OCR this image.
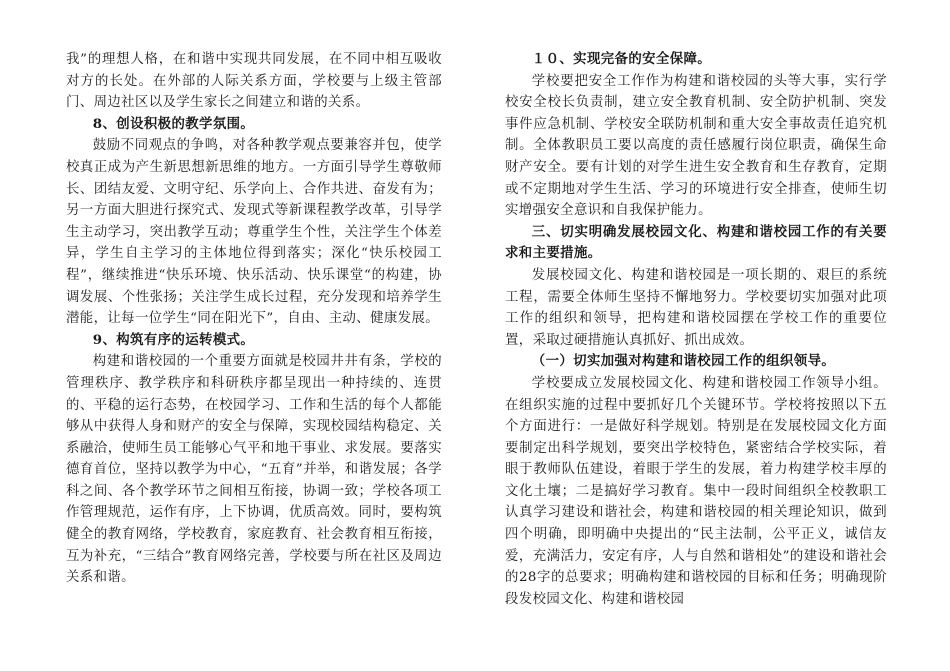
我”的理想人格，在和谐中实现共同发展，在不同中相互吸收对方的长处。在外部的人际关系方面，学校要与上级主管部门、周边社区以及学生家长之间建立和谐的关系。

8、创设积极的教学氛围。

鼓励不同观点的争鸣，对各种教学观点要兼容并包，使学校真正成为产生新思想新思维的地方。一方面引导学生尊敬师长、团结友爱、文明守纪、乐学向上、合作共进、奋发有为；另一方面大胆进行探究式、发现式等新课程教学改革，引导学生主动学习，突出教学互动；尊重学生个性，关注学生个体差异，学生自主学习的主体地位得到落实；深化“快乐校园工程”，继续推进“快乐环境、快乐活动、快乐课堂“的构建，协调发展、个性张扬；关注学生成长过程，充分发现和培养学生潜能，让每一位学生“同在阳光下”，自由、主动、健康发展。

9、构筑有序的运转模式。

构建和谐校园的一个重要方面就是校园井井有条，学校的管理秩序、教学秩序和科研秩序都呈现出一种持续的、连贯的、平稳的运行态势，在校园学习、工作和生活的每个人都能够从中获得人身和财产的安全与保障，实现校园结构稳定、关系融洽，使师生员工能够心气平和地干事业、求发展。要落实德育首位，坚持以教学为中心，“五育”并举，和谐发展；各学科之间、各个教学环节之间相互衔接，协调一致；学校各项工作管理规范，运作有序，上下协调，优质高效。同时，要构筑健全的教育网络，学校教育，家庭教育、社会教育相互衔接，互为补充，“三结合”教育网络完善，学校要与所在社区及周边关系和谐。

１０、实现完备的安全保障。

学校要把安全工作作为构建和谐校园的头等大事，实行学校安全校长负责制，建立安全教育机制、安全防护机制、突发事件应急机制、学校安全联防机制和重大安全事故责任追究机制。全体教职员工要以高度的责任感履行岗位职责，确保生命财产安全。要有计划的对学生进生安全教育和生存教育，定期或不定期地对学生生活、学习的环境进行安全排查，使师生切实增强安全意识和自我保护能力。

三、切实明确发展校园文化、构建和谐校园工作的有关要求和主要措施。

发展校园文化、构建和谐校园是一项长期的、艰巨的系统工程，需要全体师生坚持不懈地努力。学校要切实加强对此项工作的组织和领导，把构建和谐校园摆在学校工作的重要位置，采取过硬措施认真抓好、抓出成效。

（一）切实加强对构建和谐校园工作的组织领导。

学校要成立发展校园文化、构建和谐校园工作领导小组。在组织实施的过程中要抓好几个关键环节。学校将按照以下五个方面进行：一是做好科学规划。特别是在发展校园文化方面要制定出科学规划，要突出学校特色，紧密结合学校实际，着眼于教师队伍建设，着眼于学生的发展，着力构建学校丰厚的文化土壤；二是搞好学习教育。集中一段时间组织全校教职工认真学习建设和谐社会，构建和谐校园的相关理论知识，做到四个明确，即明确中央提出的“民主法制，公平正义，诚信友爱，充满活力，安定有序，人与自然和谐相处”的建设和谐社会的28字的总要求；明确构建和谐校园的目标和任务；明确现阶段发校园文化、构建和谐校园
